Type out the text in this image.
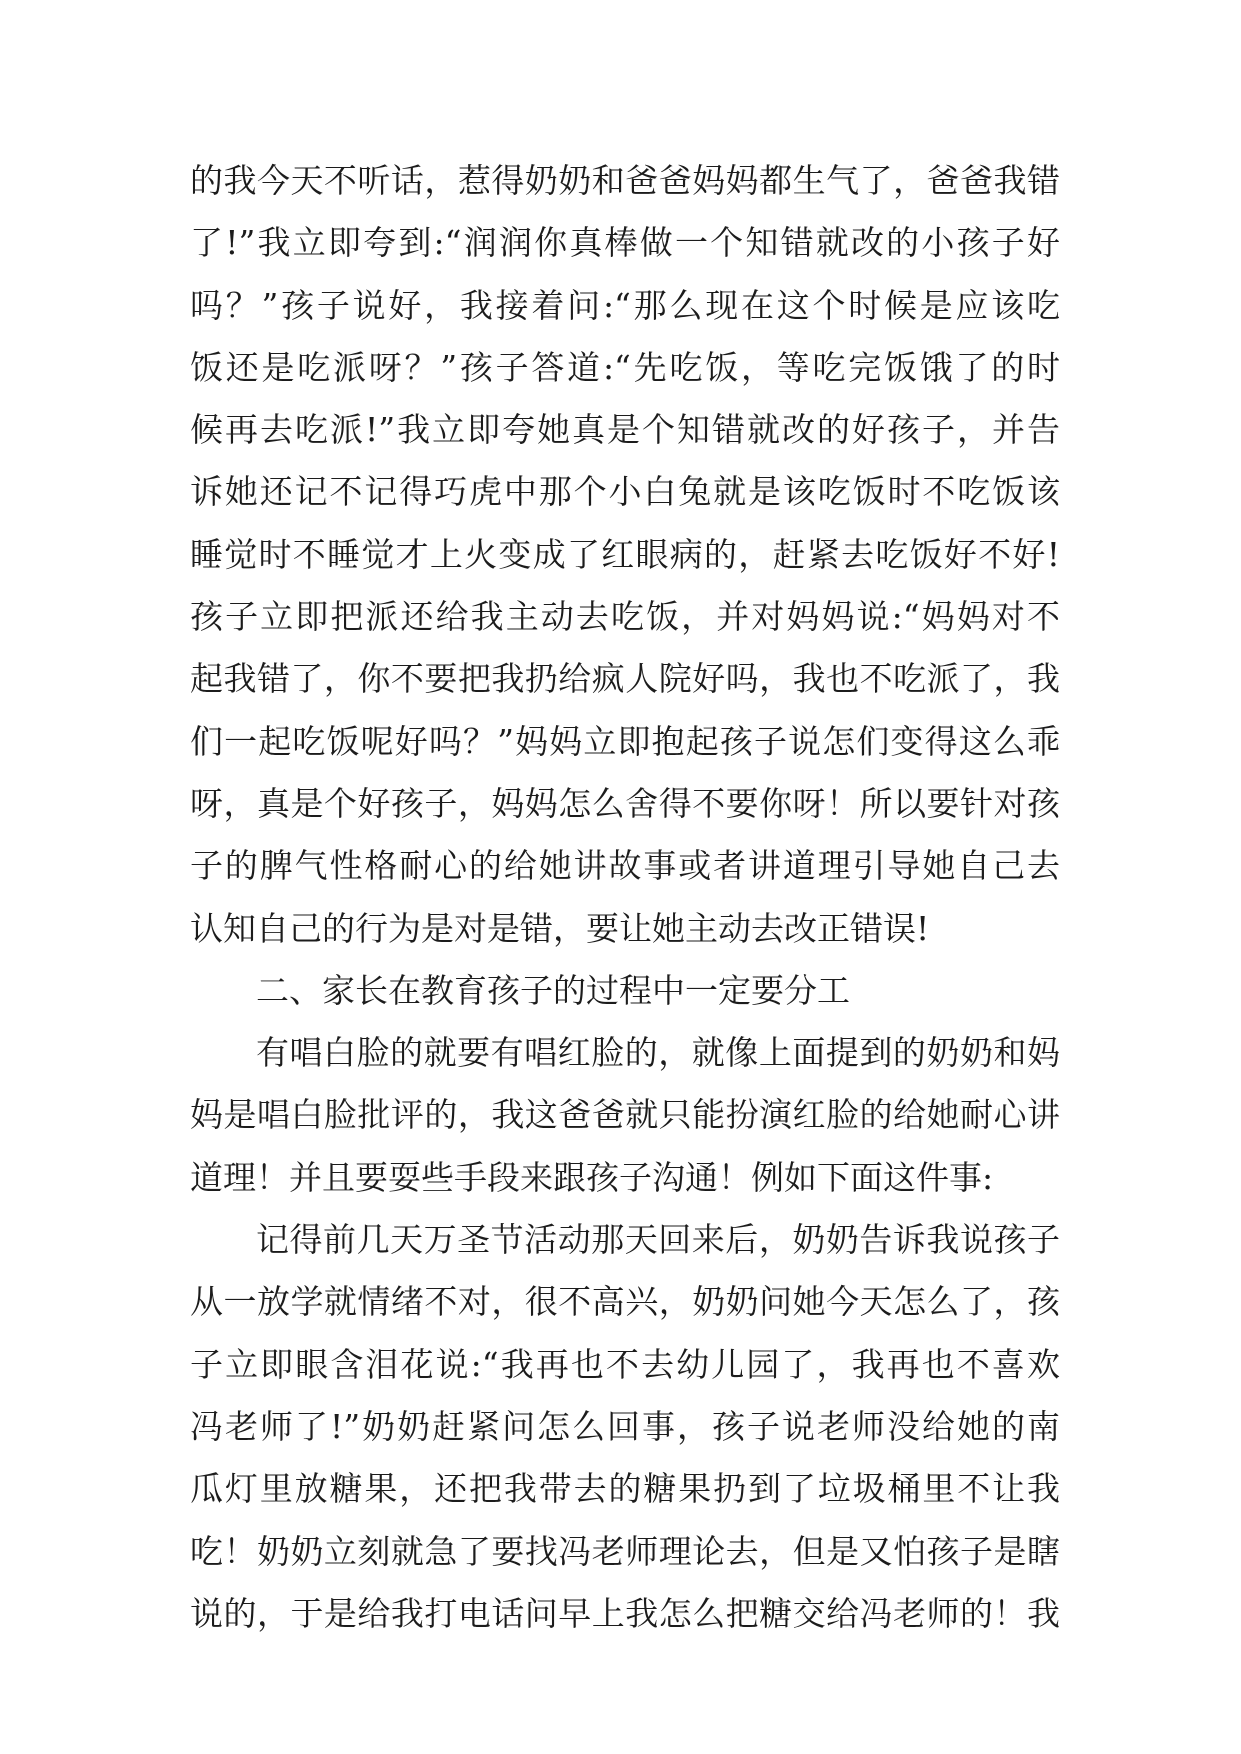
的我今天不听话，惹得奶奶和爸爸妈妈都生气了，爸爸我错
了!”我立即夸到:“润润你真棒做一个知错就改的小孩子好
吗？”孩子说好，我接着问:“那么现在这个时候是应该吃
饭还是吃派呀？”孩子答道:“先吃饭，等吃完饭饿了的时
候再去吃派!”我立即夸她真是个知错就改的好孩子，并告
诉她还记不记得巧虎中那个小白兔就是该吃饭时不吃饭该
睡觉时不睡觉才上火变成了红眼病的，赶紧去吃饭好不好!
孩子立即把派还给我主动去吃饭，并对妈妈说:“妈妈对不
起我错了，你不要把我扔给疯人院好吗，我也不吃派了，我
们一起吃饭呢好吗？”妈妈立即抱起孩子说怎们变得这么乖
呀，真是个好孩子，妈妈怎么舍得不要你呀！所以要针对孩
子的脾气性格耐心的给她讲故事或者讲道理引导她自己去
认知自己的行为是对是错，要让她主动去改正错误!
二、家长在教育孩子的过程中一定要分工
有唱白脸的就要有唱红脸的，就像上面提到的奶奶和妈
妈是唱白脸批评的，我这爸爸就只能扮演红脸的给她耐心讲
道理！并且要耍些手段来跟孩子沟通！例如下面这件事:
记得前几天万圣节活动那天回来后，奶奶告诉我说孩子
从一放学就情绪不对，很不高兴，奶奶问她今天怎么了，孩
子立即眼含泪花说:“我再也不去幼儿园了，我再也不喜欢
冯老师了!”奶奶赶紧问怎么回事，孩子说老师没给她的南
瓜灯里放糖果，还把我带去的糖果扔到了垃圾桶里不让我
吃！奶奶立刻就急了要找冯老师理论去，但是又怕孩子是瞎
说的，于是给我打电话问早上我怎么把糖交给冯老师的！我
